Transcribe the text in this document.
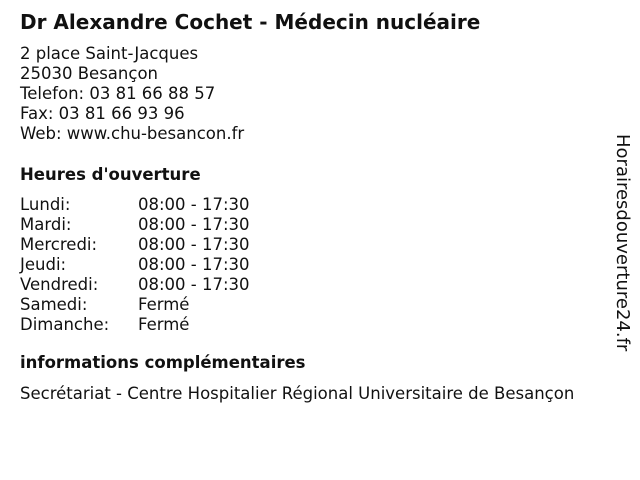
Dr Alexandre Cochet - Médecin nucléaire
2 place Saint-Jacques
25030 Besançon
Telefon: 03 81 66 88 57
Fax: 03 81 66 93 96
Web: www.chu-besancon.fr
Heures d'ouverture
Lundi:	08:00 - 17:30
Mardi:	08:00 - 17:30
Mercredi:	08:00 - 17:30
Jeudi:	08:00 - 17:30
Vendredi:	08:00 - 17:30
Samedi:	Fermé
Dimanche:	Fermé
informations complémentaires
Secrétariat - Centre Hospitalier Régional Universitaire de Besançon
Horairesdouverture24.fr
